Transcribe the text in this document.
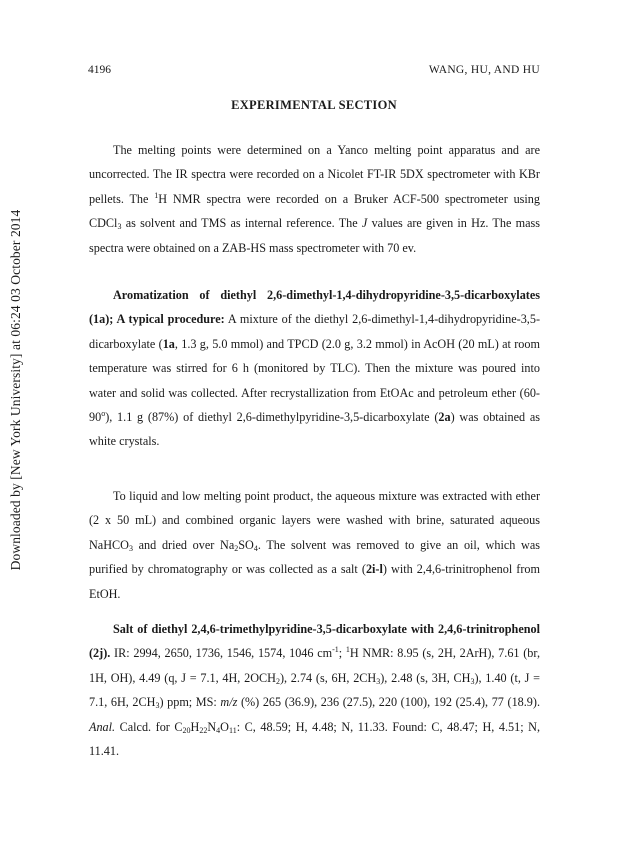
Downloaded by [New York University] at 06:24 03 October 2014
4196	WANG, HU, AND HU
EXPERIMENTAL SECTION

The melting points were determined on a Yanco melting point apparatus and are uncorrected. The IR spectra were recorded on a Nicolet FT-IR 5DX spectrometer with KBr pellets. The $^1$H NMR spectra were recorded on a Bruker ACF-500 spectrometer using CDCl$_3$ as solvent and TMS as internal reference. The J values are given in Hz. The mass spectra were obtained on a ZAB-HS mass spectrometer with 70 ev.

Aromatization of diethyl 2,6-dimethyl-1,4-dihydropyridine-3,5-dicarboxylates (1a); A typical procedure: A mixture of the diethyl 2,6-dimethyl-1,4-dihydropyridine-3,5-dicarboxylate (1a, 1.3 g, 5.0 mmol) and TPCD (2.0 g, 3.2 mmol) in AcOH (20 mL) at room temperature was stirred for 6 h (monitored by TLC). Then the mixture was poured into water and solid was collected. After recrystallization from EtOAc and petroleum ether (60-90$^o$), 1.1 g (87%) of diethyl 2,6-dimethylpyridine-3,5-dicarboxylate (2a) was obtained as white crystals.

To liquid and low melting point product, the aqueous mixture was extracted with ether (2 x 50 mL) and combined organic layers were washed with brine, saturated aqueous NaHCO$_3$ and dried over $Na_2SO_4$. The solvent was removed to give an oil, which was purified by chromatography or was collected as a salt (2i-l) with 2,4,6-trinitrophenol from EtOH.

Salt of diethyl 2,4,6-trimethylpyridine-3,5-dicarboxylate with 2,4,6-trinitrophenol (2j). IR: 2994, 2650, 1736, 1546, 1574, 1046 $cm^{-1}$; $^1$H NMR: 8.95 (s, 2H, 2ArH), 7.61 (br, 1H, OH), 4.49 (q, J = 7.1, 4H, $2OCH_2$), 2.74 (s, 6H, $2CH_3$), 2.48 (s, 3H, $CH_3$), 1.40 (t, J = 7.1, 6H, $2CH_3$) ppm; MS: m/z (%) 265 (36.9), 236 (27.5), 220 (100), 192 (25.4), 77 (18.9). Anal. Calcd. for $C_{20}H_{22}N_4O_{11}$: C, 48.59; H, 4.48; N, 11.33. Found: C, 48.47; H, 4.51; N, 11.41.
